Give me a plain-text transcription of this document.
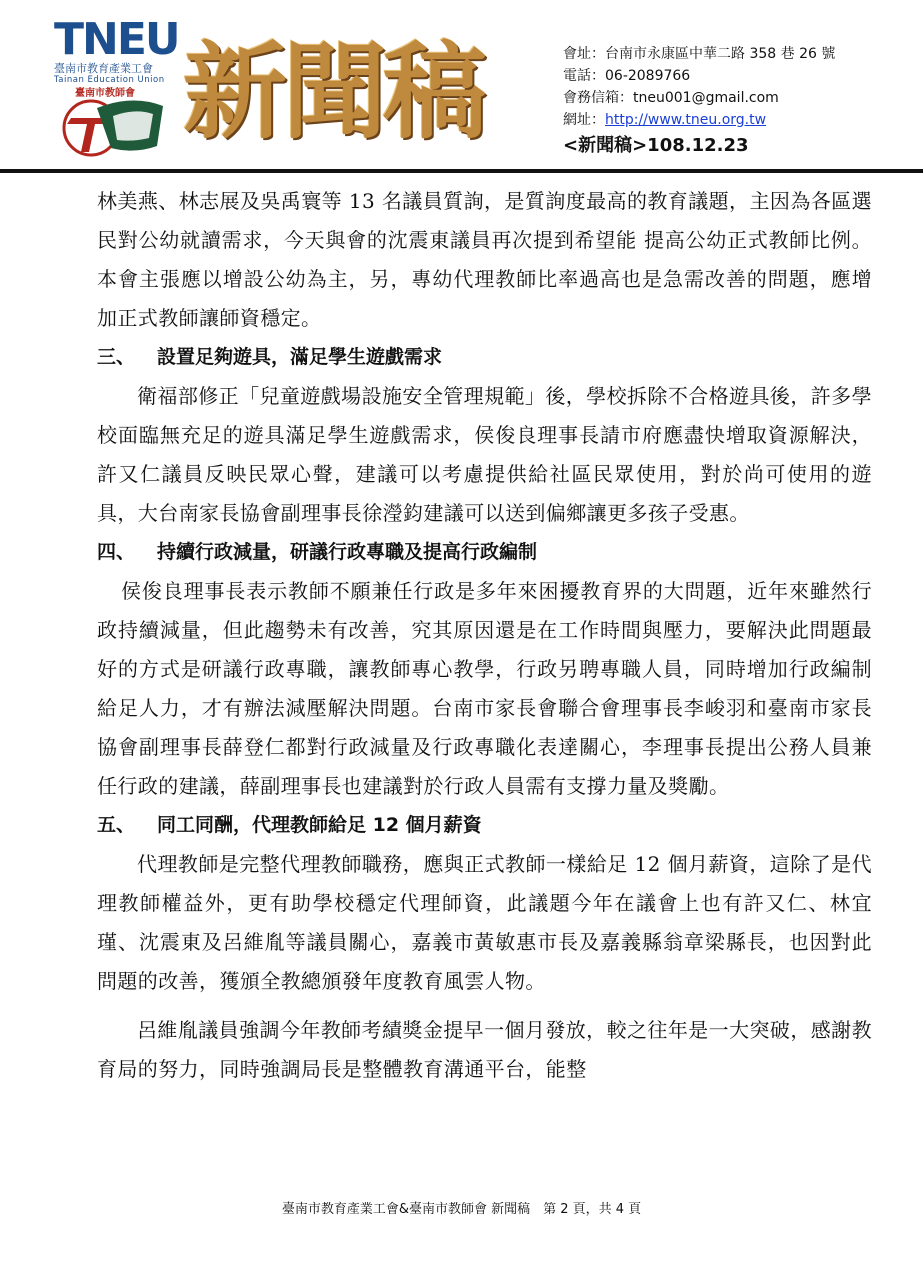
TNEU
臺南市教育產業工會
Tainan Education Union
臺南市教師會 新聞稿	會址：台南市永康區中華二路 358 巷 26 號
電話：06-2089766
會務信箱：tneu001@gmail.com
網址：http://www.tneu.org.tw
<新聞稿>108.12.23

林美燕、林志展及吳禹寰等 13 名議員質詢，是質詢度最高的教育議題，主因為各區選民對公幼就讀需求，今天與會的沈震東議員再次提到希望能 提高公幼正式教師比例。本會主張應以增設公幼為主，另，專幼代理教師比率過高也是急需改善的問題，應增加正式教師讓師資穩定。

三、 設置足夠遊具，滿足學生遊戲需求

衛福部修正「兒童遊戲場設施安全管理規範」後，學校拆除不合格遊具後，許多學校面臨無充足的遊具滿足學生遊戲需求，侯俊良理事長請市府應盡快增取資源解決，許又仁議員反映民眾心聲，建議可以考慮提供給社區民眾使用，對於尚可使用的遊具，大台南家長協會副理事長徐瀅鈞建議可以送到偏鄉讓更多孩子受惠。

四、 持續行政減量，研議行政專職及提高行政編制

侯俊良理事長表示教師不願兼任行政是多年來困擾教育界的大問題，近年來雖然行政持續減量，但此趨勢未有改善，究其原因還是在工作時間與壓力，要解決此問題最好的方式是研議行政專職，讓教師專心教學，行政另聘專職人員，同時增加行政編制給足人力，才有辦法減壓解決問題。台南市家長會聯合會理事長李峻羽和臺南市家長協會副理事長薛登仁都對行政減量及行政專職化表達關心，李理事長提出公務人員兼任行政的建議，薛副理事長也建議對於行政人員需有支撐力量及獎勵。

五、 同工同酬，代理教師給足 12 個月薪資

代理教師是完整代理教師職務，應與正式教師一樣給足 12 個月薪資，這除了是代理教師權益外，更有助學校穩定代理師資，此議題今年在議會上也有許又仁、林宜瑾、沈震東及呂維胤等議員關心，嘉義市黃敏惠市長及嘉義縣翁章梁縣長，也因對此問題的改善，獲頒全教總頒發年度教育風雲人物。

呂維胤議員強調今年教師考績獎金提早一個月發放，較之往年是一大突破，感謝教育局的努力，同時強調局長是整體教育溝通平台，能整

臺南市教育產業工會&臺南市教師會 新聞稿　第 2 頁，共 4 頁
